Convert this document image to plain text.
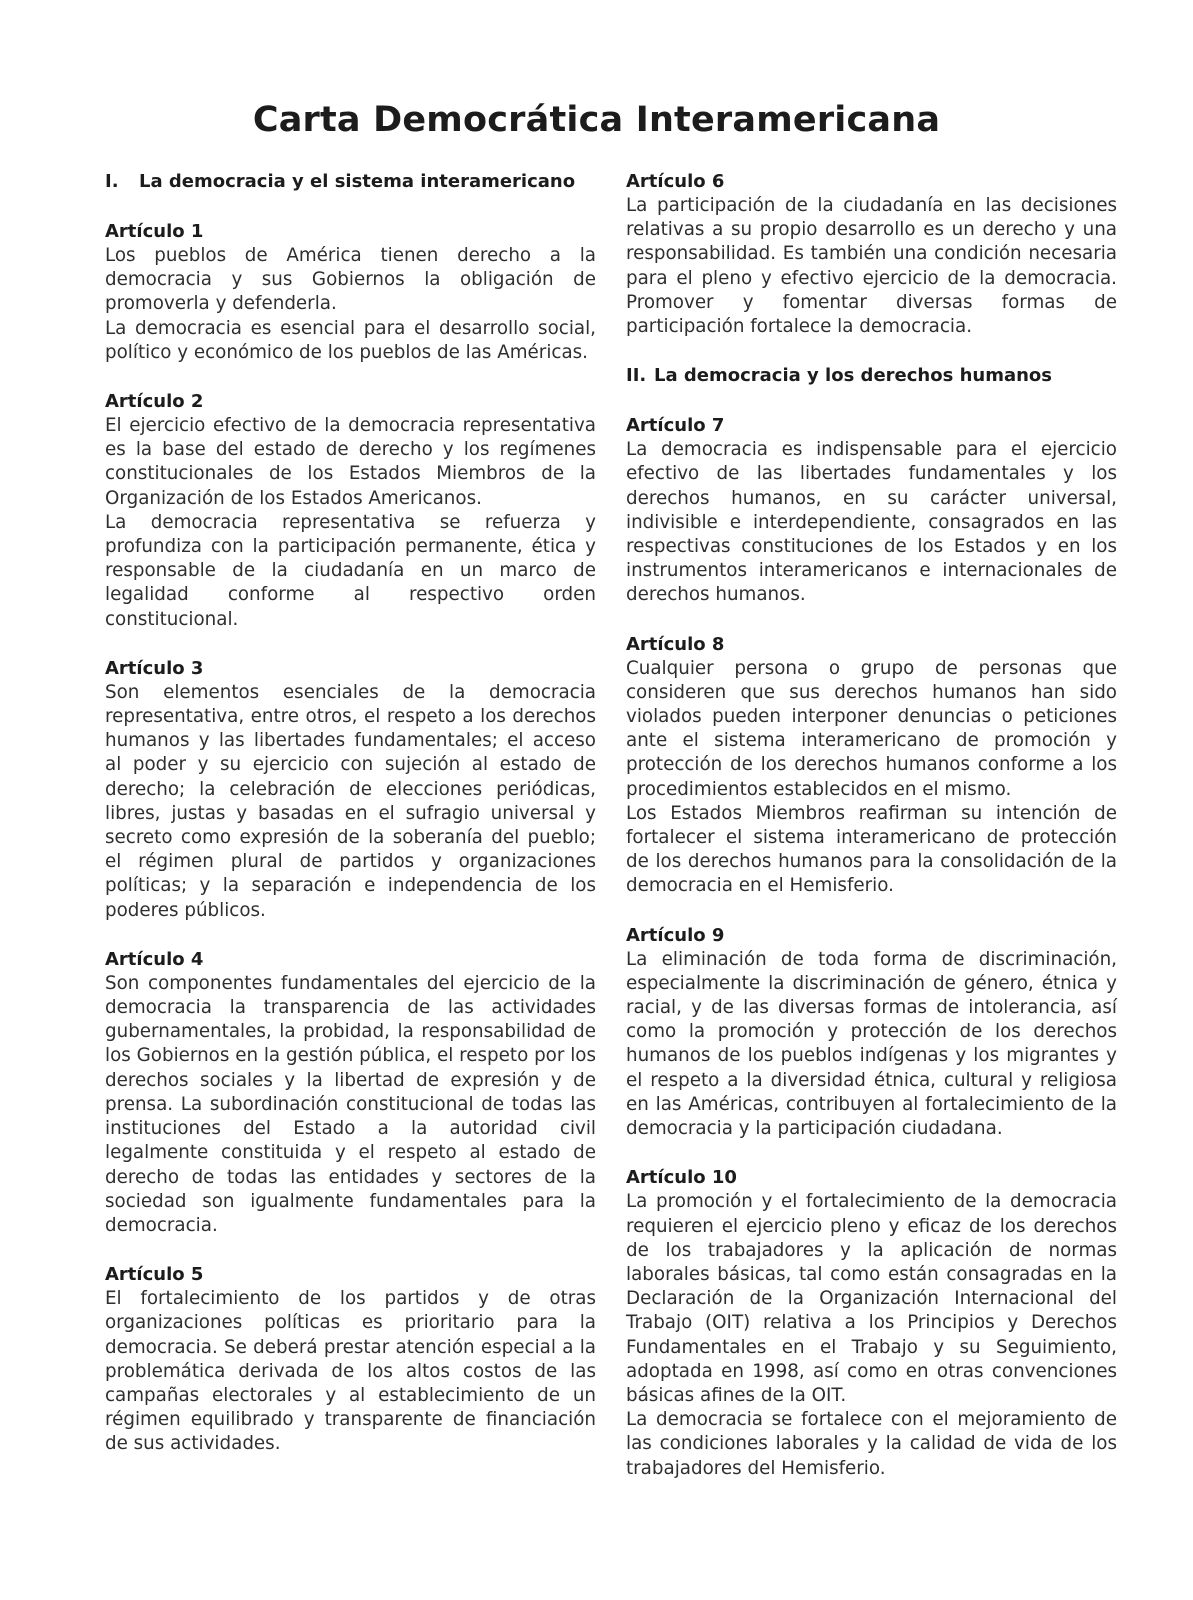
Carta Democrática Interamericana
I. La democracia y el sistema interamericano

Artículo 1

Los pueblos de América tienen derecho a la democracia y sus Gobiernos la obligación de promoverla y defenderla.

La democracia es esencial para el desarrollo social, político y económico de los pueblos de las Américas.

Artículo 2

El ejercicio efectivo de la democracia representativa es la base del estado de derecho y los regímenes constitucionales de los Estados Miembros de la Organización de los Estados Americanos.

La democracia representativa se refuerza y profundiza con la participación permanente, ética y responsable de la ciudadanía en un marco de legalidad conforme al respectivo orden constitucional.

Artículo 3

Son elementos esenciales de la democracia representativa, entre otros, el respeto a los derechos humanos y las libertades fundamentales; el acceso al poder y su ejercicio con sujeción al estado de derecho; la celebración de elecciones periódicas, libres, justas y basadas en el sufragio universal y secreto como expresión de la soberanía del pueblo; el régimen plural de partidos y organizaciones políticas; y la separación e independencia de los poderes públicos.

Artículo 4

Son componentes fundamentales del ejercicio de la democracia la transparencia de las actividades gubernamentales, la probidad, la responsabilidad de los Gobiernos en la gestión pública, el respeto por los derechos sociales y la libertad de expresión y de prensa. La subordinación constitucional de todas las instituciones del Estado a la autoridad civil legalmente constituida y el respeto al estado de derecho de todas las entidades y sectores de la sociedad son igualmente fundamentales para la democracia.

Artículo 5

El fortalecimiento de los partidos y de otras organizaciones políticas es prioritario para la democracia. Se deberá prestar atención especial a la problemática derivada de los altos costos de las campañas electorales y al establecimiento de un régimen equilibrado y transparente de financiación de sus actividades.

Artículo 6

La participación de la ciudadanía en las decisiones relativas a su propio desarrollo es un derecho y una responsabilidad. Es también una condición necesaria para el pleno y efectivo ejercicio de la democracia. Promover y fomentar diversas formas de participación fortalece la democracia.

II. La democracia y los derechos humanos

Artículo 7

La democracia es indispensable para el ejercicio efectivo de las libertades fundamentales y los derechos humanos, en su carácter universal, indivisible e interdependiente, consagrados en las respectivas constituciones de los Estados y en los instrumentos interamericanos e internacionales de derechos humanos.

Artículo 8

Cualquier persona o grupo de personas que consideren que sus derechos humanos han sido violados pueden interponer denuncias o peticiones ante el sistema interamericano de promoción y protección de los derechos humanos conforme a los procedimientos establecidos en el mismo.

Los Estados Miembros reafirman su intención de fortalecer el sistema interamericano de protección de los derechos humanos para la consolidación de la democracia en el Hemisferio.

Artículo 9

La eliminación de toda forma de discriminación, especialmente la discriminación de género, étnica y racial, y de las diversas formas de intolerancia, así como la promoción y protección de los derechos humanos de los pueblos indígenas y los migrantes y el respeto a la diversidad étnica, cultural y religiosa en las Américas, contribuyen al fortalecimiento de la democracia y la participación ciudadana.

Artículo 10

La promoción y el fortalecimiento de la democracia requieren el ejercicio pleno y eficaz de los derechos de los trabajadores y la aplicación de normas laborales básicas, tal como están consagradas en la Declaración de la Organización Internacional del Trabajo (OIT) relativa a los Principios y Derechos Fundamentales en el Trabajo y su Seguimiento, adoptada en 1998, así como en otras convenciones básicas afines de la OIT.

La democracia se fortalece con el mejoramiento de las condiciones laborales y la calidad de vida de los trabajadores del Hemisferio.
